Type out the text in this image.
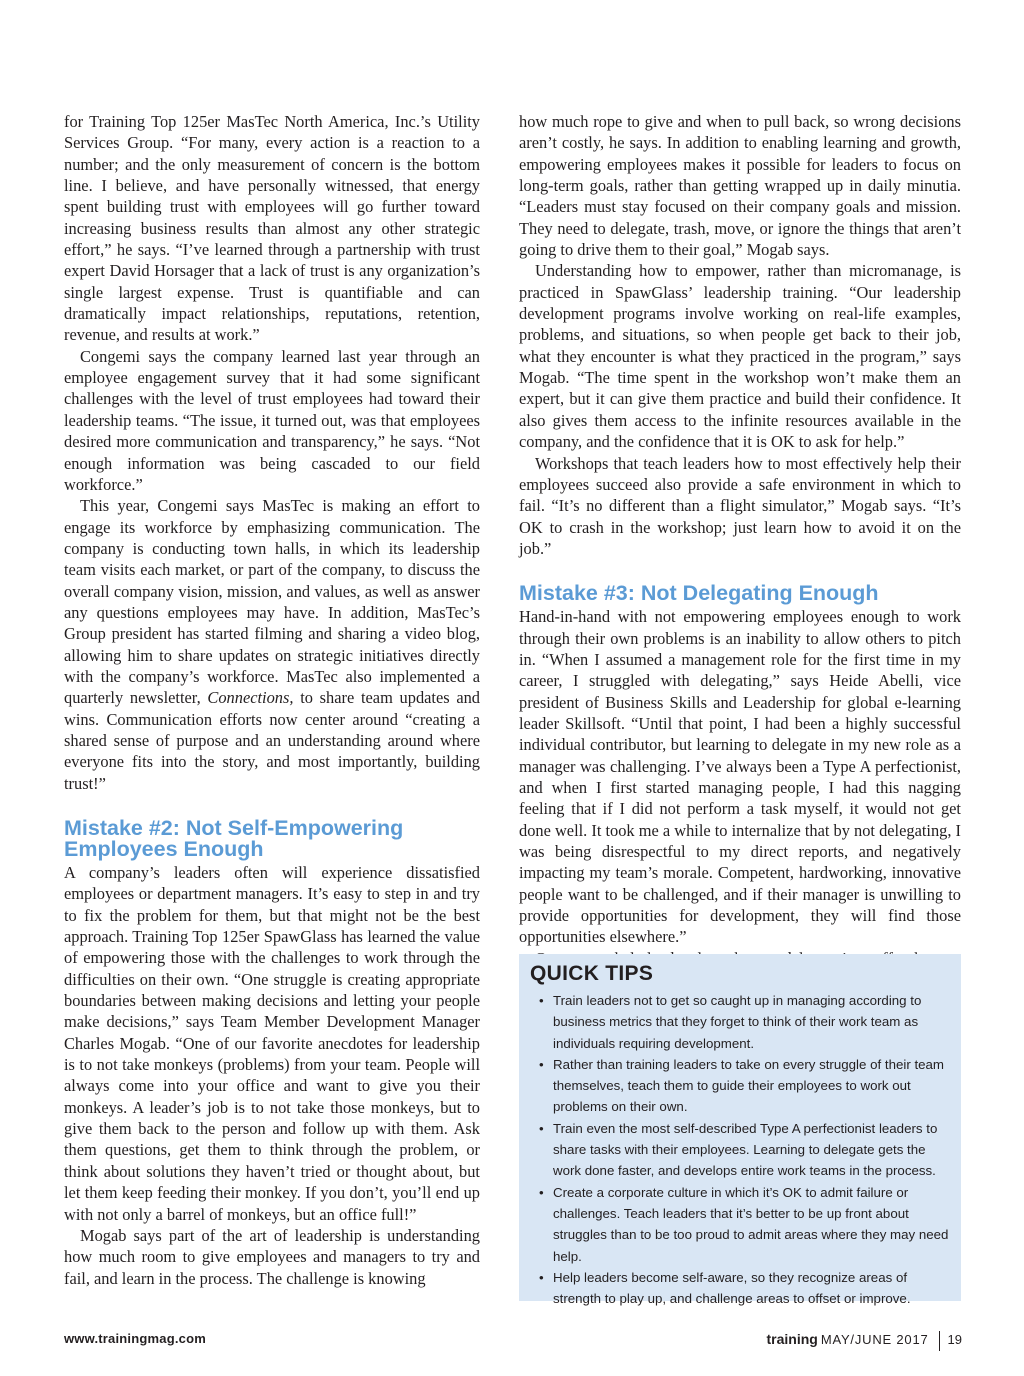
for Training Top 125er MasTec North America, Inc.’s Utility Services Group. “For many, every action is a reaction to a number; and the only measurement of concern is the bottom line. I believe, and have personally witnessed, that energy spent building trust with employees will go further toward increasing business results than almost any other strategic effort,” he says. “I’ve learned through a partnership with trust expert David Horsager that a lack of trust is any organization’s single largest expense. Trust is quantifiable and can dramatically impact relationships, reputations, retention, revenue, and results at work.”

Congemi says the company learned last year through an employee engagement survey that it had some significant challenges with the level of trust employees had toward their leadership teams. “The issue, it turned out, was that employees desired more communication and transparency,” he says. “Not enough information was being cascaded to our field workforce.”

This year, Congemi says MasTec is making an effort to engage its workforce by emphasizing communication. The company is conducting town halls, in which its leadership team visits each market, or part of the company, to discuss the overall company vision, mission, and values, as well as answer any questions employees may have. In addition, MasTec’s Group president has started filming and sharing a video blog, allowing him to share updates on strategic initiatives directly with the company’s workforce. MasTec also implemented a quarterly newsletter, Connections, to share team updates and wins. Communication efforts now center around “creating a shared sense of purpose and an understanding around where everyone fits into the story, and most importantly, building trust!”

Mistake #2: Not Self-Empowering Employees Enough

A company’s leaders often will experience dissatisfied employees or department managers. It’s easy to step in and try to fix the problem for them, but that might not be the best approach. Training Top 125er SpawGlass has learned the value of empowering those with the challenges to work through the difficulties on their own. “One struggle is creating appropriate boundaries between making decisions and letting your people make decisions,” says Team Member Development Manager Charles Mogab. “One of our favorite anecdotes for leadership is to not take monkeys (problems) from your team. People will always come into your office and want to give you their monkeys. A leader’s job is to not take those monkeys, but to give them back to the person and follow up with them. Ask them questions, get them to think through the problem, or think about solutions they haven’t tried or thought about, but let them keep feeding their monkey. If you don’t, you’ll end up with not only a barrel of monkeys, but an office full!”

Mogab says part of the art of leadership is understanding how much room to give employees and managers to try and fail, and learn in the process. The challenge is knowing

how much rope to give and when to pull back, so wrong decisions aren’t costly, he says. In addition to enabling learning and growth, empowering employees makes it possible for leaders to focus on long-term goals, rather than getting wrapped up in daily minutia. “Leaders must stay focused on their company goals and mission. They need to delegate, trash, move, or ignore the things that aren’t going to drive them to their goal,” Mogab says.

Understanding how to empower, rather than micromanage, is practiced in SpawGlass’ leadership training. “Our leadership development programs involve working on real-life examples, problems, and situations, so when people get back to their job, what they encounter is what they practiced in the program,” says Mogab. “The time spent in the workshop won’t make them an expert, but it can give them practice and build their confidence. It also gives them access to the infinite resources available in the company, and the confidence that it is OK to ask for help.”

Workshops that teach leaders how to most effectively help their employees succeed also provide a safe environment in which to fail. “It’s no different than a flight simulator,” Mogab says. “It’s OK to crash in the workshop; just learn how to avoid it on the job.”

Mistake #3: Not Delegating Enough

Hand-in-hand with not empowering employees enough to work through their own problems is an inability to allow others to pitch in. “When I assumed a management role for the first time in my career, I struggled with delegating,” says Heide Abelli, vice president of Business Skills and Leadership for global e-learning leader Skillsoft. “Until that point, I had been a highly successful individual contributor, but learning to delegate in my new role as a manager was challenging. I’ve always been a Type A perfectionist, and when I first started managing people, I had this nagging feeling that if I did not perform a task myself, it would not get done well. It took me a while to internalize that by not delegating, I was being disrespectful to my direct reports, and negatively impacting my team’s morale. Competent, hardworking, innovative people want to be challenged, and if their manager is unwilling to provide opportunities for development, they will find those opportunities elsewhere.”

QUICK TIPS
• Train leaders not to get so caught up in managing according to business metrics that they forget to think of their work team as individuals requiring development.
• Rather than training leaders to take on every struggle of their team themselves, teach them to guide their employees to work out problems on their own.
• Train even the most self-described Type A perfectionist leaders to share tasks with their employees. Learning to delegate gets the work done faster, and develops entire work teams in the process.
• Create a corporate culture in which it’s OK to admit failure or challenges. Teach leaders that it’s better to be up front about struggles than to be too proud to admit areas where they may need help.
• Help leaders become self-aware, so they recognize areas of strength to play up, and challenge areas to offset or improve.
www.trainingmag.com	training MAY/JUNE 2017 19
